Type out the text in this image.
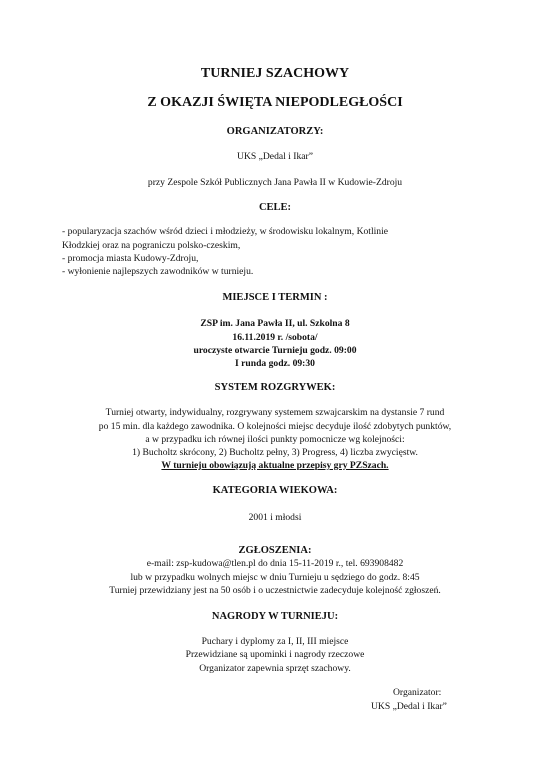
TURNIEJ SZACHOWY
Z OKAZJI ŚWIĘTA NIEPODLEGŁOŚCI
ORGANIZATORZY:
UKS „Dedal i Ikar”
przy Zespole Szkół Publicznych Jana Pawła II w Kudowie-Zdroju
CELE:
- popularyzacja szachów wśród dzieci i młodzieży, w środowisku lokalnym, Kotlinie
Kłodzkiej oraz na pograniczu polsko-czeskim,
- promocja miasta Kudowy-Zdroju,
- wyłonienie najlepszych zawodników w turnieju.
MIEJSCE I TERMIN :
ZSP im. Jana Pawła II, ul. Szkolna 8
16.11.2019 r. /sobota/
uroczyste otwarcie Turnieju godz. 09:00
I runda godz. 09:30
SYSTEM ROZGRYWEK:
Turniej otwarty, indywidualny, rozgrywany systemem szwajcarskim na dystansie 7 rund
po 15 min. dla każdego zawodnika. O kolejności miejsc decyduje ilość zdobytych punktów,
a w przypadku ich równej ilości punkty pomocnicze wg kolejności:
1) Bucholtz skrócony, 2) Bucholtz pełny, 3) Progress, 4) liczba zwycięstw.
W turnieju obowiązują aktualne przepisy gry PZSzach.
KATEGORIA WIEKOWA:
2001 i młodsi
ZGŁOSZENIA:
e-mail: zsp-kudowa@tlen.pl do dnia 15-11-2019 r., tel. 693908482
lub w przypadku wolnych miejsc w dniu Turnieju u sędziego do godz. 8:45
Turniej przewidziany jest na 50 osób i o uczestnictwie zadecyduje kolejność zgłoszeń.
NAGRODY W TURNIEJU:
Puchary i dyplomy za I, II, III miejsce
Przewidziane są upominki i nagrody rzeczowe
Organizator zapewnia sprzęt szachowy.
Organizator:
UKS „Dedal i Ikar”
